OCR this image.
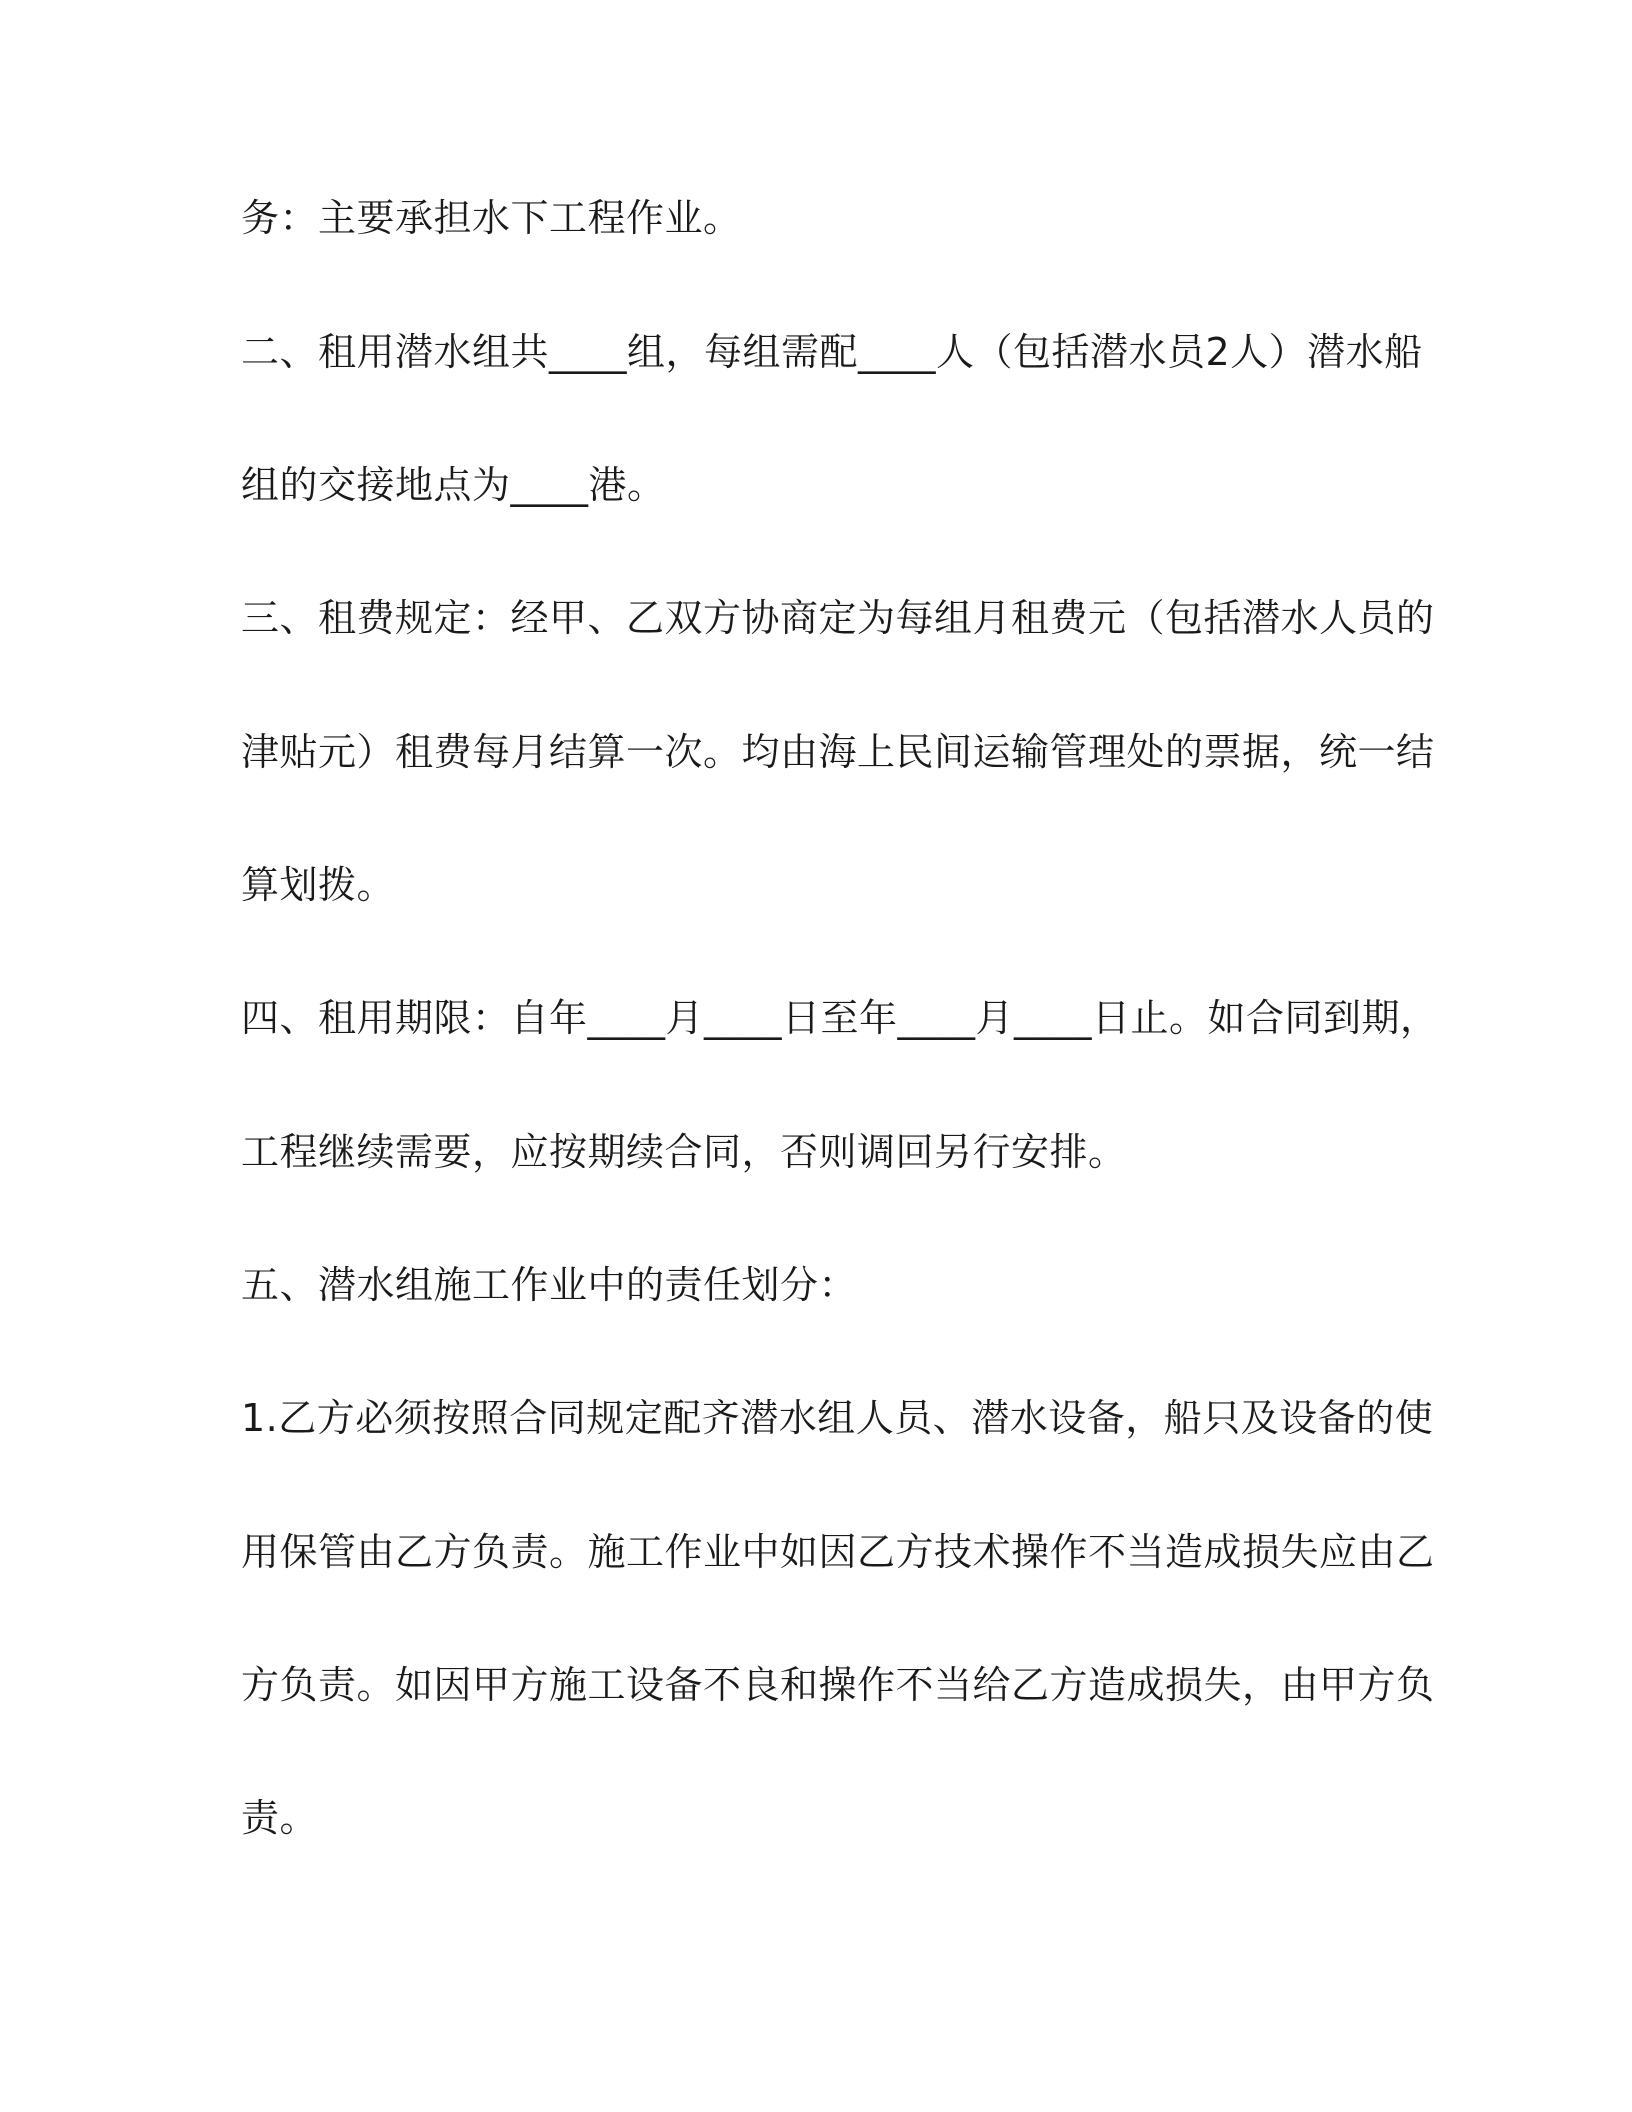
务：主要承担水下工程作业。
二、租用潜水组共____组，每组需配____人（包括潜水员2人）潜水船
组的交接地点为____港。
三、租费规定：经甲、乙双方协商定为每组月租费元（包括潜水人员的
津贴元）租费每月结算一次。均由海上民间运输管理处的票据，统一结
算划拨。
四、租用期限：自年____月____日至年____月____日止。如合同到期，
工程继续需要，应按期续合同，否则调回另行安排。
五、潜水组施工作业中的责任划分：
1.乙方必须按照合同规定配齐潜水组人员、潜水设备，船只及设备的使
用保管由乙方负责。施工作业中如因乙方技术操作不当造成损失应由乙
方负责。如因甲方施工设备不良和操作不当给乙方造成损失，由甲方负
责。
